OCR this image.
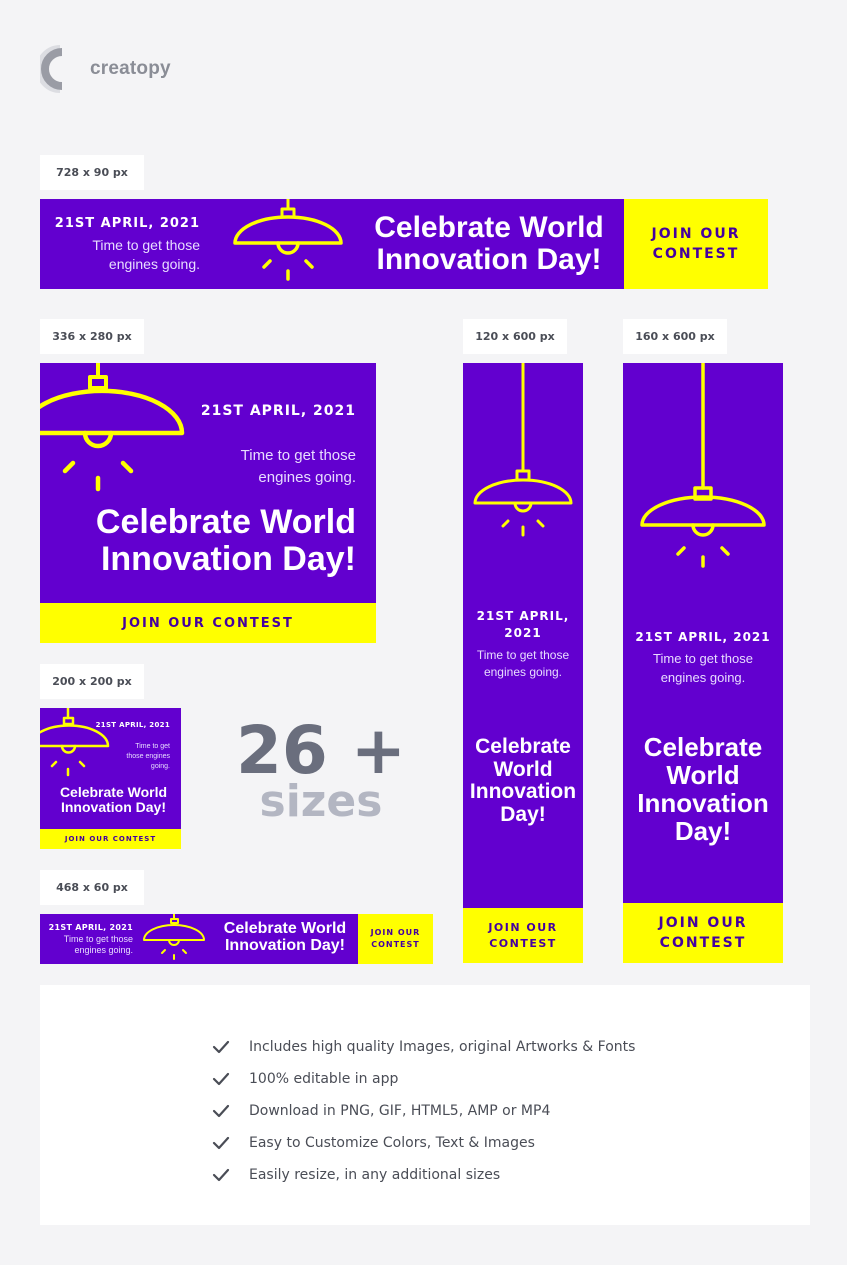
creatopy
728 x 90 px
21ST APRIL, 2021
Time to get those
engines going.
Celebrate World
Innovation Day!
JOIN OUR
CONTEST
336 x 280 px
21ST APRIL, 2021
Time to get those
engines going.
Celebrate World
Innovation Day!
JOIN OUR CONTEST
200 x 200 px
21ST APRIL, 2021
Time to get
those engines
going.
Celebrate World
Innovation Day!
JOIN OUR CONTEST
26 +
sizes
468 x 60 px
21ST APRIL, 2021
Time to get those
engines going.
Celebrate World
Innovation Day!
JOIN OUR
CONTEST
120 x 600 px
21ST APRIL,
2021
Time to get those
engines going.
Celebrate
World
Innovation
Day!
JOIN OUR
CONTEST
160 x 600 px
21ST APRIL, 2021
Time to get those
engines going.
Celebrate
World
Innovation
Day!
JOIN OUR
CONTEST
Includes high quality Images, original Artworks & Fonts
100% editable in app
Download in PNG, GIF, HTML5, AMP or MP4
Easy to Customize Colors, Text & Images
Easily resize, in any additional sizes
